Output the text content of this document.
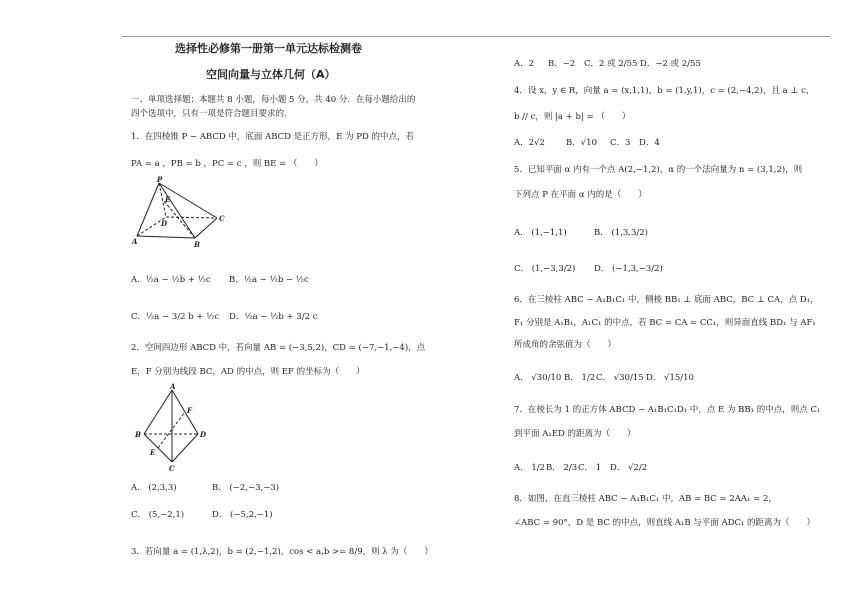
选择性必修第一册第一单元达标检测卷
空间向量与立体几何（A）
一、单项选择题：本题共 8 小题，每小题 5 分，共 40 分．在每小题给出的
四个选项中，只有一项是符合题目要求的．
1．在四棱锥 P − ABCD 中，底面 ABCD 是正方形，E 为 PD 的中点，若
PA = a ，PB = b ，PC = c ，则 BE = （　　）
P
E
D
C
A	B
A．½a − ½b + ½c B．½a − ½b − ½c
C．½a − 3/2 b + ½c D．½a − ½b + 3/2 c
2．空间四边形 ABCD 中，若向量 AB = (−3,5,2)，CD = (−7,−1,−4)，点
E，F 分别为线段 BC，AD 的中点，则 EF 的坐标为（　　）
A
F
B	D
E
C
A． (2,3,3)	B． (−2,−3,−3)
C． (5,−2,1)	D． (−5,2,−1)
3．若向量 a = (1,λ,2)，b = (2,−1,2)，cos < a,b >= 8/9，则 λ 为（　　）
A．2 B．−2 C．2 或 2/55 D．−2 或 2/55
4．设 x，y ∈ R，向量 a = (x,1,1)，b = (1,y,1)，c = (2,−4,2)，且 a ⊥ c，
b // c，则 |a + b| = （　　）
A．2√2 B．√10 C．3 D．4
5．已知平面 α 内有一个点 A(2,−1,2)，α 的一个法向量为 n = (3,1,2)，则
下列点 P 在平面 α 内的是（　　）
A． (1,−1,1)	B． (1,3,3/2)
C． (1,−3,3/2) D． (−1,3,−3/2)
6．在三棱柱 ABC − A₁B₁C₁ 中，侧棱 BB₁ ⊥ 底面 ABC，BC ⊥ CA，点 D₁，
F₁ 分别是 A₁B₁，A₁C₁ 的中点，若 BC = CA = CC₁，则异面直线 BD₁ 与 AF₁
所成角的余弦值为（　　）
A． √30/10 B． 1/2 C． √30/15 D． √15/10
7．在棱长为 1 的正方体 ABCD − A₁B₁C₁D₁ 中，点 E 为 BB₁ 的中点，则点 C₁
到平面 A₁ED 的距离为（　　）
A． 1/2 B． 2/3 C． 1 D． √2/2
8．如图，在直三棱柱 ABC − A₁B₁C₁ 中，AB = BC = 2AA₁ = 2，
∠ABC = 90°，D 是 BC 的中点，则直线 A₁B 与平面 ADC₁ 的距离为（　　）
